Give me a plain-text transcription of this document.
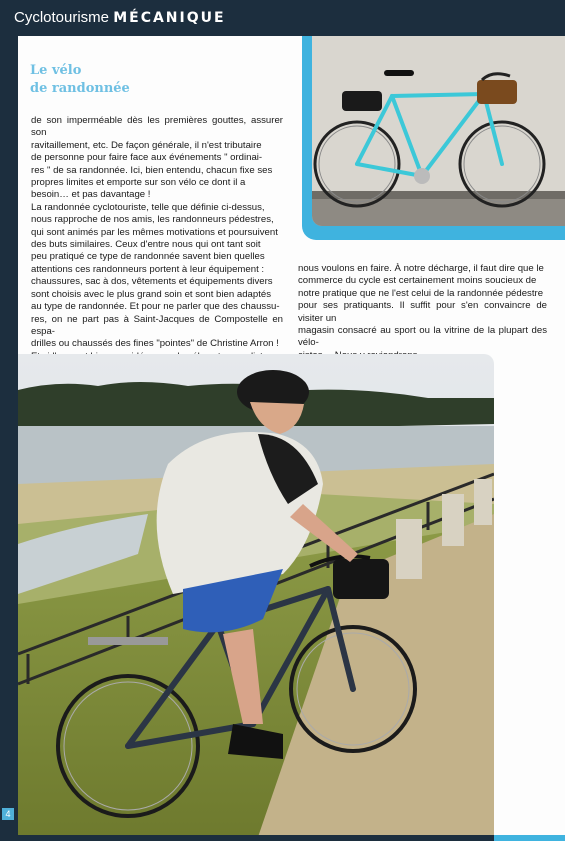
Cyclotourisme MÉCANIQUE
Le vélo
de randonnée

de son imperméable dès les premières gouttes, assurer son

ravitaillement, etc. De façon générale, il n'est tributaire

de personne pour faire face aux événements " ordinai-

res " de sa randonnée. Ici, bien entendu, chacun fixe ses

propres limites et emporte sur son vélo ce dont il a

besoin… et pas davantage !

La randonnée cyclotouriste, telle que définie ci-dessus,

nous rapproche de nos amis, les randonneurs pédestres,

qui sont animés par les mêmes motivations et poursuivent

des buts similaires. Ceux d'entre nous qui ont tant soit

peu pratiqué ce type de randonnée savent bien quelles

attentions ces randonneurs portent à leur équipement :

chaussures, sac à dos, vêtements et équipements divers

sont choisis avec le plus grand soin et sont bien adaptés

au type de randonnée. Et pour ne parler que des chaussu-

res, on ne part pas à Saint-Jacques de Compostelle en espa-

drilles ou chaussés des fines "pointes" de Christine Arron !

nous voulons en faire. À notre décharge, il faut dire que le

commerce du cycle est certainement moins soucieux de

notre pratique que ne l'est celui de la randonnée pédestre

pour ses pratiquants. Il suffit pour s'en convaincre de visiter un

magasin consacré au sport ou la vitrine de la plupart des vélo-

4
